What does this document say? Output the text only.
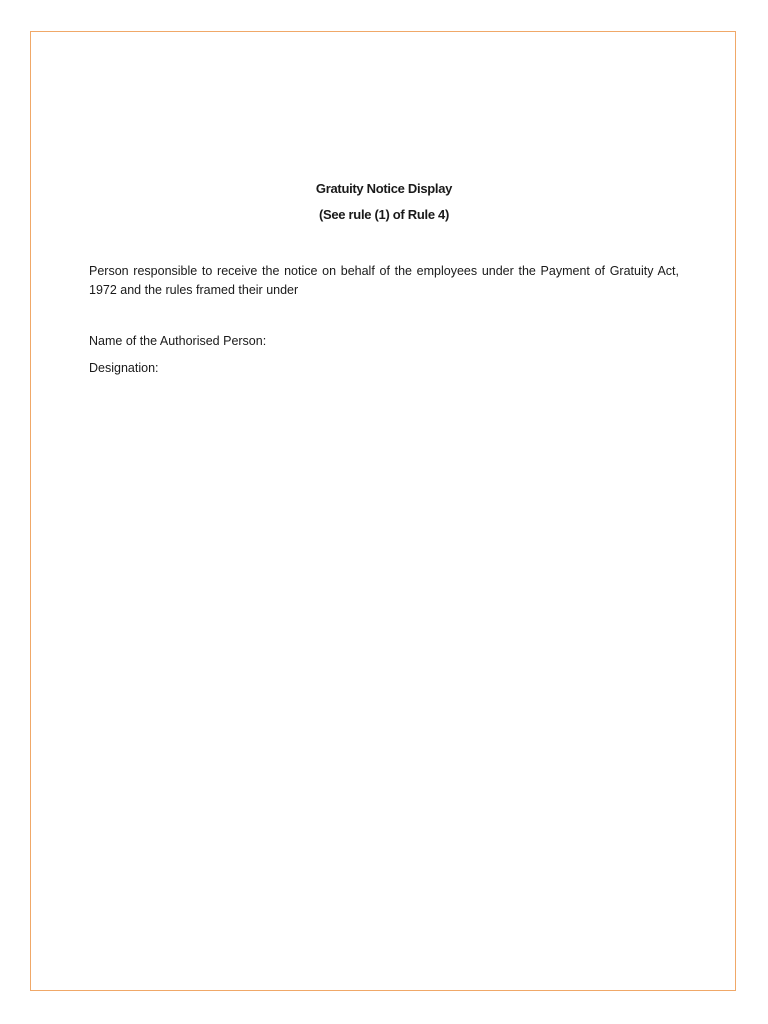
Gratuity Notice Display
(See rule (1) of Rule 4)
Person responsible to receive the notice on behalf of the employees under the Payment of Gratuity Act, 1972 and the rules framed their under
Name of the Authorised Person:
Designation:
